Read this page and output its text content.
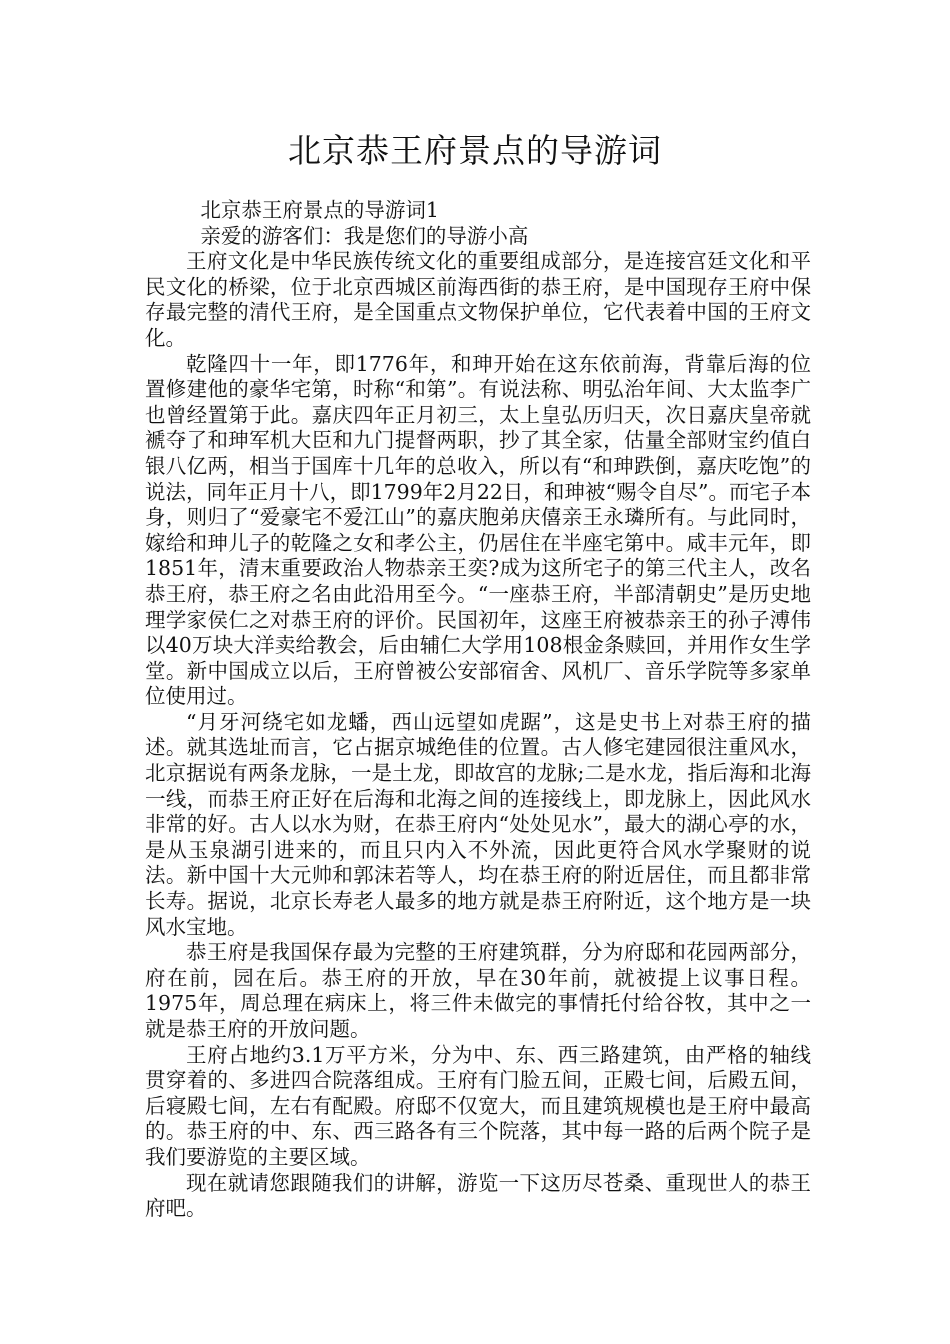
北京恭王府景点的导游词

北京恭王府景点的导游词1

亲爱的游客们：我是您们的导游小高

王府文化是中华民族传统文化的重要组成部分，是连接宫廷文化和平民文化的桥梁，位于北京西城区前海西街的恭王府，是中国现存王府中保存最完整的清代王府，是全国重点文物保护单位，它代表着中国的王府文化。

乾隆四十一年，即1776年，和珅开始在这东依前海，背靠后海的位置修建他的豪华宅第，时称“和第”。有说法称、明弘治年间、大太监李广也曾经置第于此。嘉庆四年正月初三，太上皇弘历归天，次日嘉庆皇帝就褫夺了和珅军机大臣和九门提督两职，抄了其全家，估量全部财宝约值白银八亿两，相当于国库十几年的总收入，所以有“和珅跌倒，嘉庆吃饱”的说法，同年正月十八，即1799年2月22日，和珅被“赐令自尽”。而宅子本身，则归了“爱豪宅不爱江山”的嘉庆胞弟庆僖亲王永璘所有。与此同时，嫁给和珅儿子的乾隆之女和孝公主，仍居住在半座宅第中。咸丰元年，即1851年，清末重要政治人物恭亲王奕?成为这所宅子的第三代主人，改名恭王府，恭王府之名由此沿用至今。“一座恭王府，半部清朝史”是历史地理学家侯仁之对恭王府的评价。民国初年，这座王府被恭亲王的孙子溥伟以40万块大洋卖给教会，后由辅仁大学用108根金条赎回，并用作女生学堂。新中国成立以后，王府曾被公安部宿舍、风机厂、音乐学院等多家单位使用过。

“月牙河绕宅如龙蟠，西山远望如虎踞”，这是史书上对恭王府的描述。就其选址而言，它占据京城绝佳的位置。古人修宅建园很注重风水，北京据说有两条龙脉，一是土龙，即故宫的龙脉;二是水龙，指后海和北海一线，而恭王府正好在后海和北海之间的连接线上，即龙脉上，因此风水非常的好。古人以水为财，在恭王府内“处处见水”，最大的湖心亭的水，是从玉泉湖引进来的，而且只内入不外流，因此更符合风水学聚财的说法。新中国十大元帅和郭沫若等人，均在恭王府的附近居住，而且都非常长寿。据说，北京长寿老人最多的地方就是恭王府附近，这个地方是一块风水宝地。

恭王府是我国保存最为完整的王府建筑群，分为府邸和花园两部分，府在前，园在后。恭王府的开放，早在30年前，就被提上议事日程。1975年，周总理在病床上，将三件未做完的事情托付给谷牧，其中之一就是恭王府的开放问题。

王府占地约3.1万平方米，分为中、东、西三路建筑，由严格的轴线贯穿着的、多进四合院落组成。王府有门脸五间，正殿七间，后殿五间，后寝殿七间，左右有配殿。府邸不仅宽大，而且建筑规模也是王府中最高的。恭王府的中、东、西三路各有三个院落，其中每一路的后两个院子是我们要游览的主要区域。

现在就请您跟随我们的讲解，游览一下这历尽苍桑、重现世人的恭王府吧。
